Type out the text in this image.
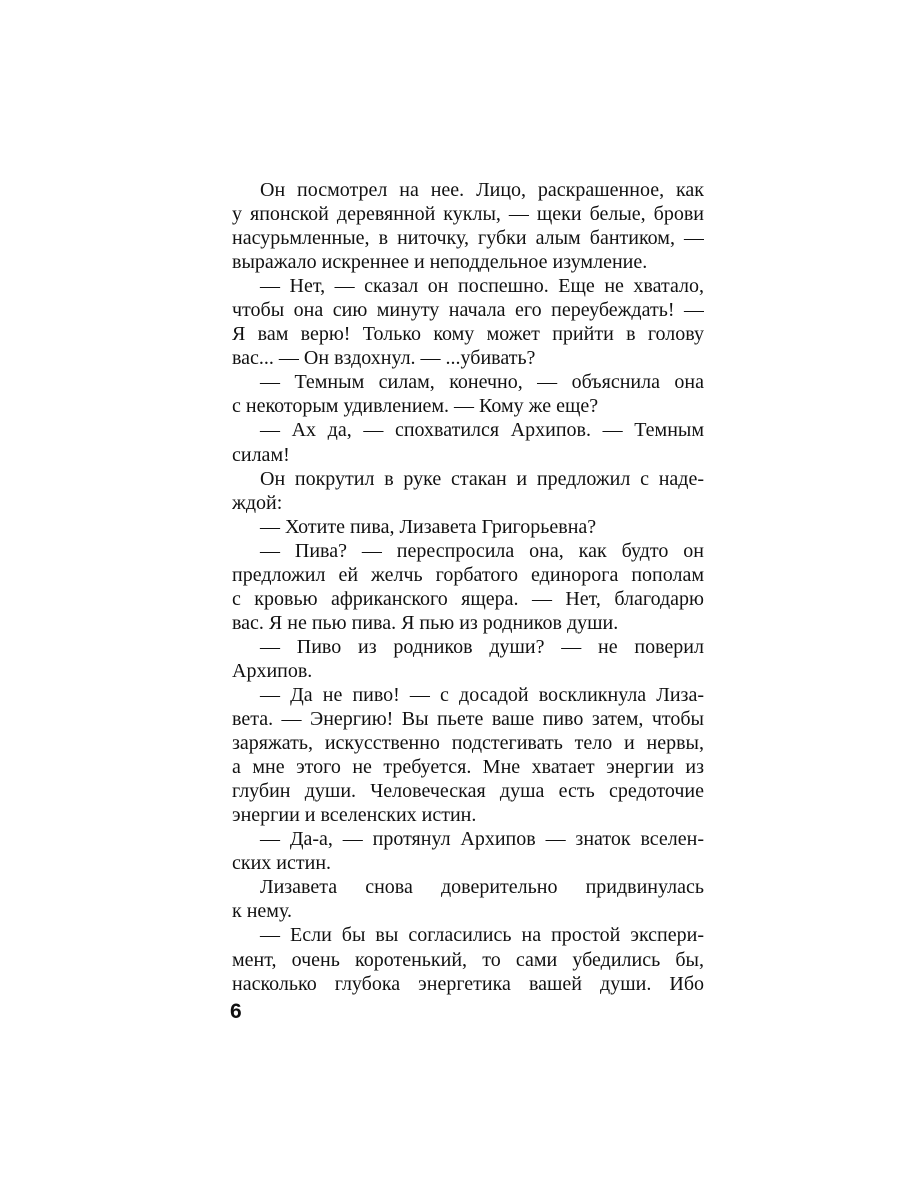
Он посмотрел на нее. Лицо, раскрашенное, как
у японской деревянной куклы, — щеки белые, брови
насурьмленные, в ниточку, губки алым бантиком, —
выражало искреннее и неподдельное изумление.
— Нет, — сказал он поспешно. Еще не хватало,
чтобы она сию минуту начала его переубеждать! —
Я вам верю! Только кому может прийти в голову
вас... — Он вздохнул. — ...убивать?
— Темным силам, конечно, — объяснила она
с некоторым удивлением. — Кому же еще?
— Ах да, — спохватился Архипов. — Темным
силам!
Он покрутил в руке стакан и предложил с надe-
ждой:
— Хотите пива, Лизавета Григорьевна?
— Пива? — переспросила она, как будто он
предложил ей желчь горбатого единорога пополам
с кровью африканского ящера. — Нет, благодарю
вас. Я не пью пива. Я пью из родников души.
— Пиво из родников души? — не поверил
Архипов.
— Да не пиво! — с досадой воскликнула Лиза-
вета. — Энергию! Вы пьете ваше пиво затем, чтобы
заряжать, искусственно подстегивать тело и нервы,
а мне этого не требуется. Мне хватает энергии из
глубин души. Человеческая душа есть средоточие
энергии и вселенских истин.
— Да-а, — протянул Архипов — знаток вселен-
ских истин.
Лизавета снова доверительно придвинулась
к нему.
— Если бы вы согласились на простой экспери-
мент, очень коротенький, то сами убедились бы,
насколько глубока энергетика вашей души. Ибо
6
